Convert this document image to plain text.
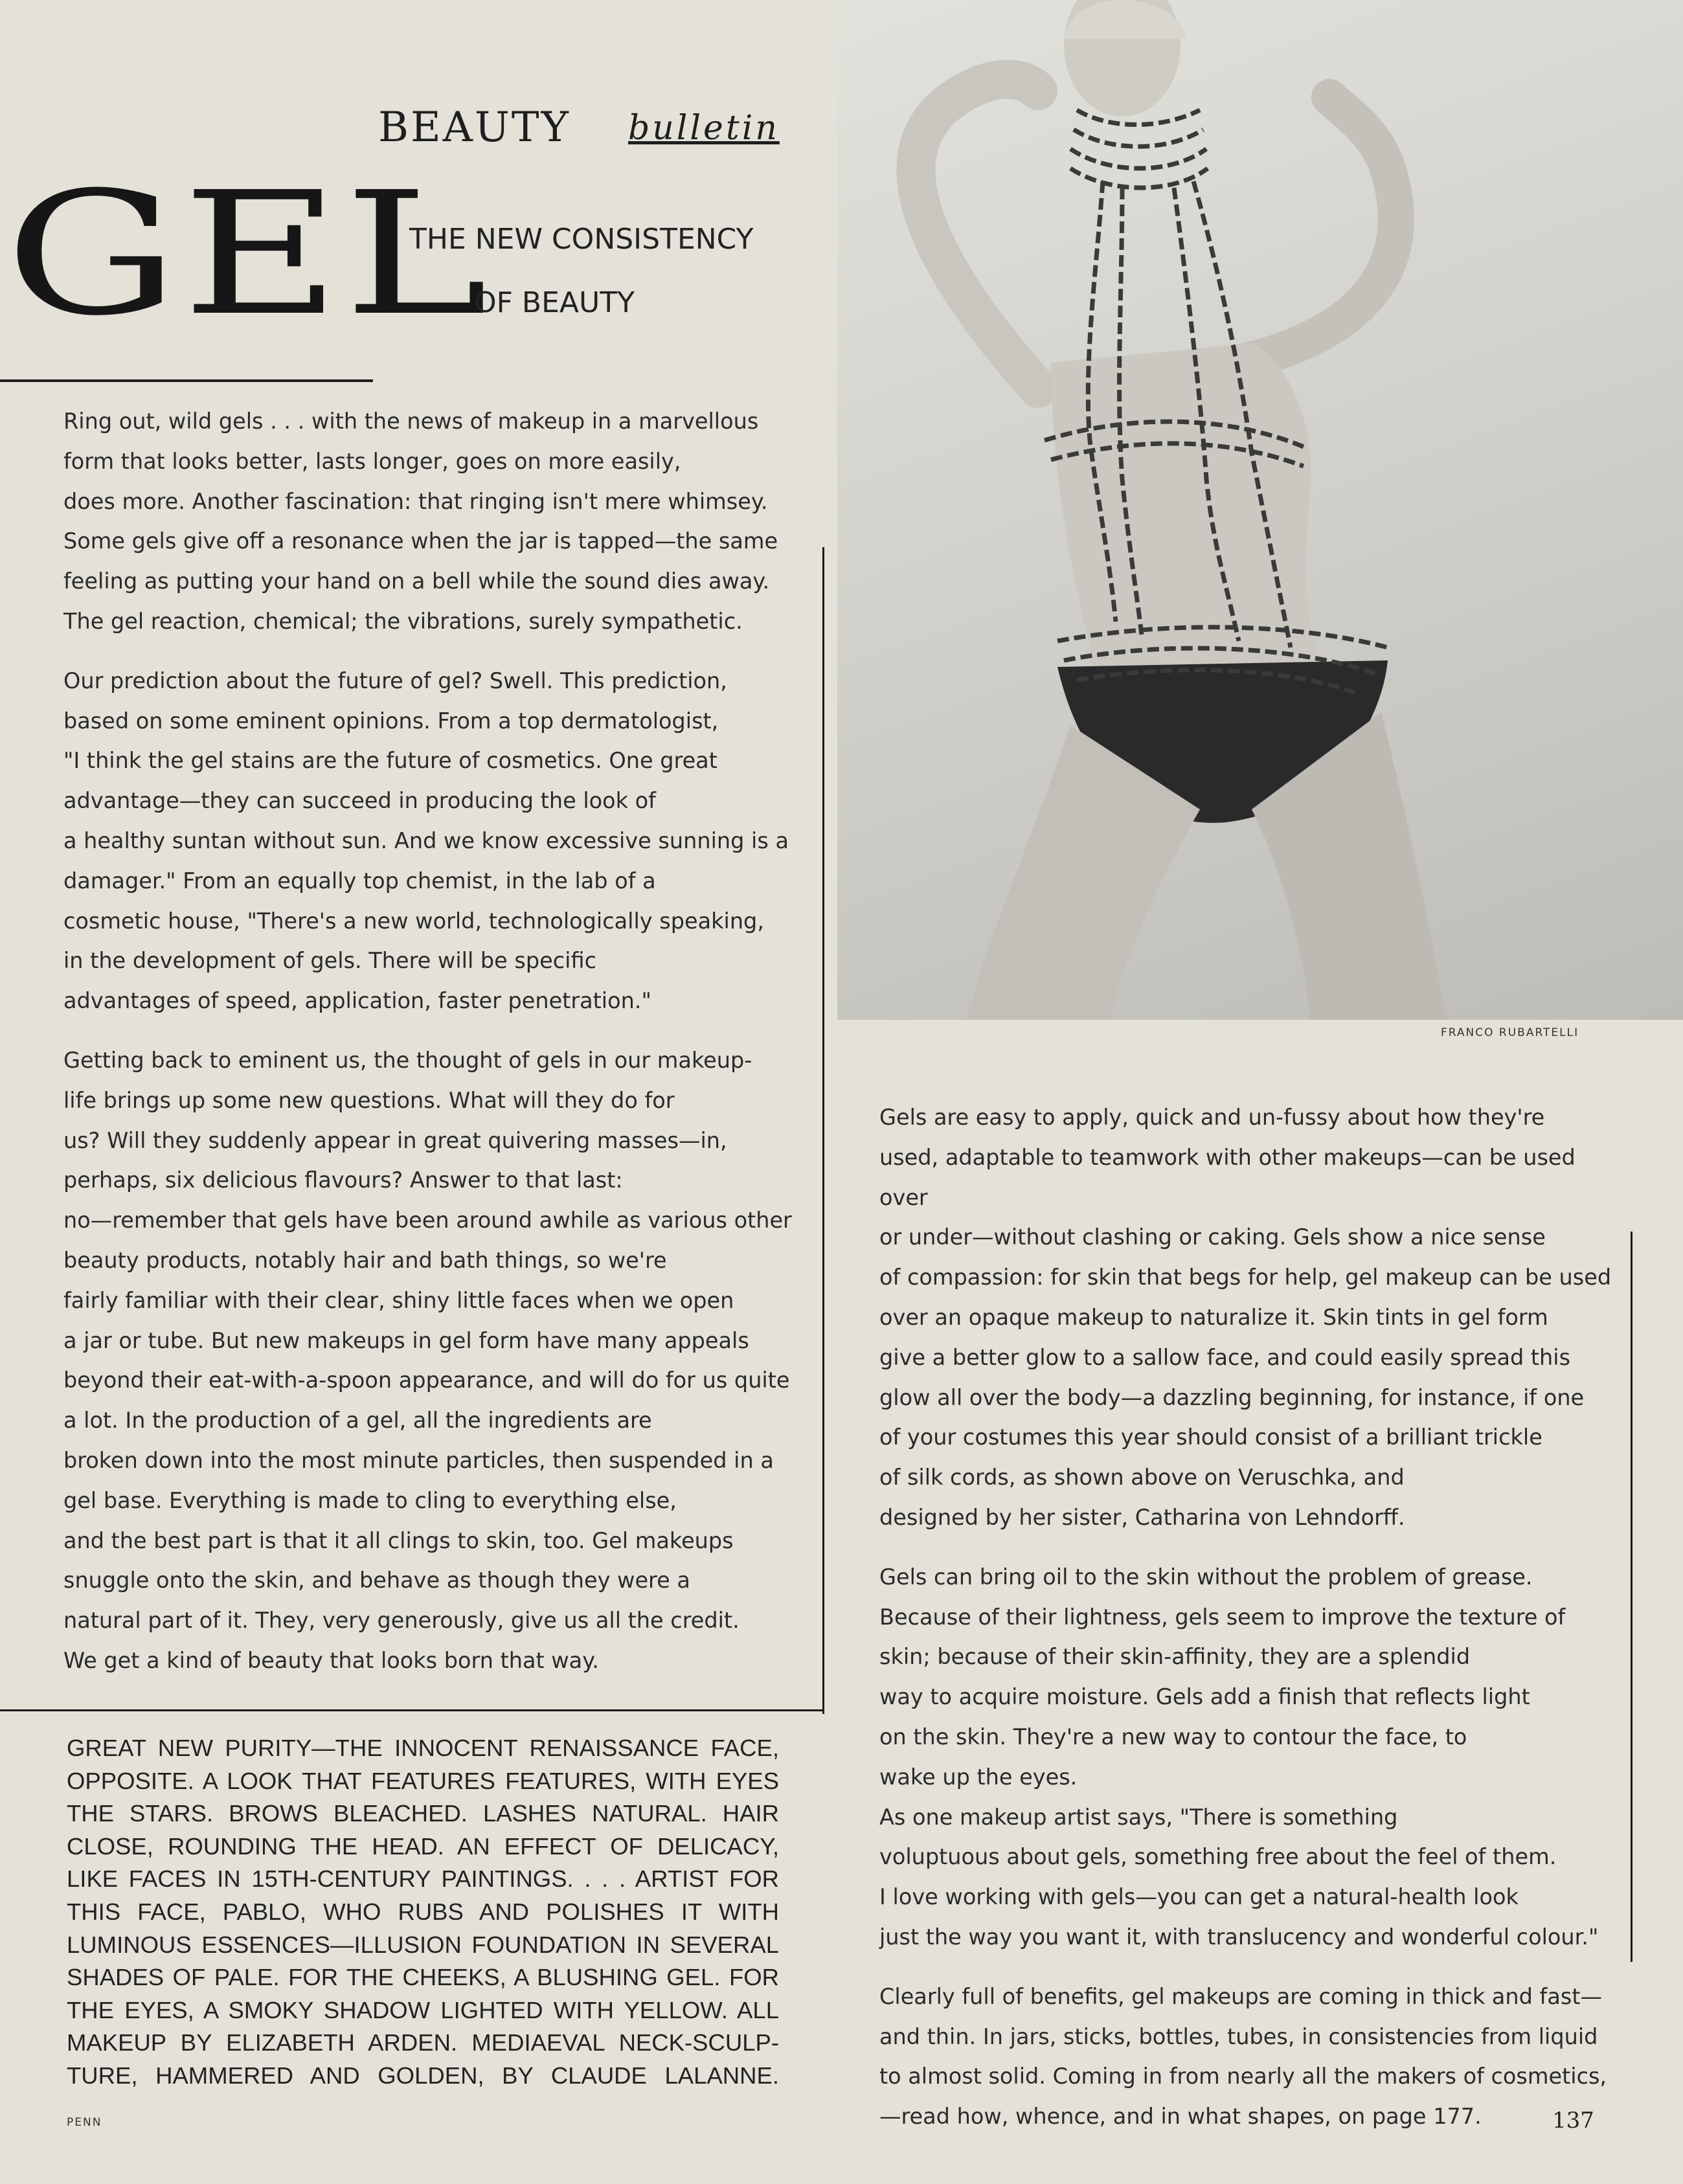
BEAUTY bulletin
GEL
THE NEW CONSISTENCY
OF BEAUTY
Ring out, wild gels . . . with the news of makeup in a marvellous
form that looks better, lasts longer, goes on more easily,
does more. Another fascination: that ringing isn't mere whimsey.
Some gels give off a resonance when the jar is tapped—the same
feeling as putting your hand on a bell while the sound dies away.
The gel reaction, chemical; the vibrations, surely sympathetic.
Our prediction about the future of gel? Swell. This prediction,
based on some eminent opinions. From a top dermatologist,
"I think the gel stains are the future of cosmetics. One great
advantage—they can succeed in producing the look of
a healthy suntan without sun. And we know excessive sunning is a
damager." From an equally top chemist, in the lab of a
cosmetic house, "There's a new world, technologically speaking,
in the development of gels. There will be specific
advantages of speed, application, faster penetration."
Getting back to eminent us, the thought of gels in our makeup-
life brings up some new questions. What will they do for
us? Will they suddenly appear in great quivering masses—in,
perhaps, six delicious flavours? Answer to that last:
no—remember that gels have been around awhile as various other
beauty products, notably hair and bath things, so we're
fairly familiar with their clear, shiny little faces when we open
a jar or tube. But new makeups in gel form have many appeals
beyond their eat-with-a-spoon appearance, and will do for us quite
a lot. In the production of a gel, all the ingredients are
broken down into the most minute particles, then suspended in a
gel base. Everything is made to cling to everything else,
and the best part is that it all clings to skin, too. Gel makeups
snuggle onto the skin, and behave as though they were a
natural part of it. They, very generously, give us all the credit.
We get a kind of beauty that looks born that way.
GREAT NEW PURITY—THE INNOCENT RENAISSANCE FACE,
OPPOSITE. A LOOK THAT FEATURES FEATURES, WITH EYES
THE STARS. BROWS BLEACHED. LASHES NATURAL. HAIR
CLOSE, ROUNDING THE HEAD. AN EFFECT OF DELICACY,
LIKE FACES IN 15TH-CENTURY PAINTINGS. . . . ARTIST FOR
THIS FACE, PABLO, WHO RUBS AND POLISHES IT WITH
LUMINOUS ESSENCES—ILLUSION FOUNDATION IN SEVERAL
SHADES OF PALE. FOR THE CHEEKS, A BLUSHING GEL. FOR
THE EYES, A SMOKY SHADOW LIGHTED WITH YELLOW. ALL
MAKEUP BY ELIZABETH ARDEN. MEDIAEVAL NECK-SCULP-
TURE, HAMMERED AND GOLDEN, BY CLAUDE LALANNE.
FRANCO RUBARTELLI
Gels are easy to apply, quick and un-fussy about how they're
used, adaptable to teamwork with other makeups—can be used over
or under—without clashing or caking. Gels show a nice sense
of compassion: for skin that begs for help, gel makeup can be used
over an opaque makeup to naturalize it. Skin tints in gel form
give a better glow to a sallow face, and could easily spread this
glow all over the body—a dazzling beginning, for instance, if one
of your costumes this year should consist of a brilliant trickle
of silk cords, as shown above on Veruschka, and
designed by her sister, Catharina von Lehndorff.
Gels can bring oil to the skin without the problem of grease.
Because of their lightness, gels seem to improve the texture of
skin; because of their skin-affinity, they are a splendid
way to acquire moisture. Gels add a finish that reflects light
on the skin. They're a new way to contour the face, to
wake up the eyes.
As one makeup artist says, "There is something
voluptuous about gels, something free about the feel of them.
I love working with gels—you can get a natural-health look
just the way you want it, with translucency and wonderful colour."
Clearly full of benefits, gel makeups are coming in thick and fast—
and thin. In jars, sticks, bottles, tubes, in consistencies from liquid
to almost solid. Coming in from nearly all the makers of cosmetics,
—read how, whence, and in what shapes, on page 177.
PENN	137
